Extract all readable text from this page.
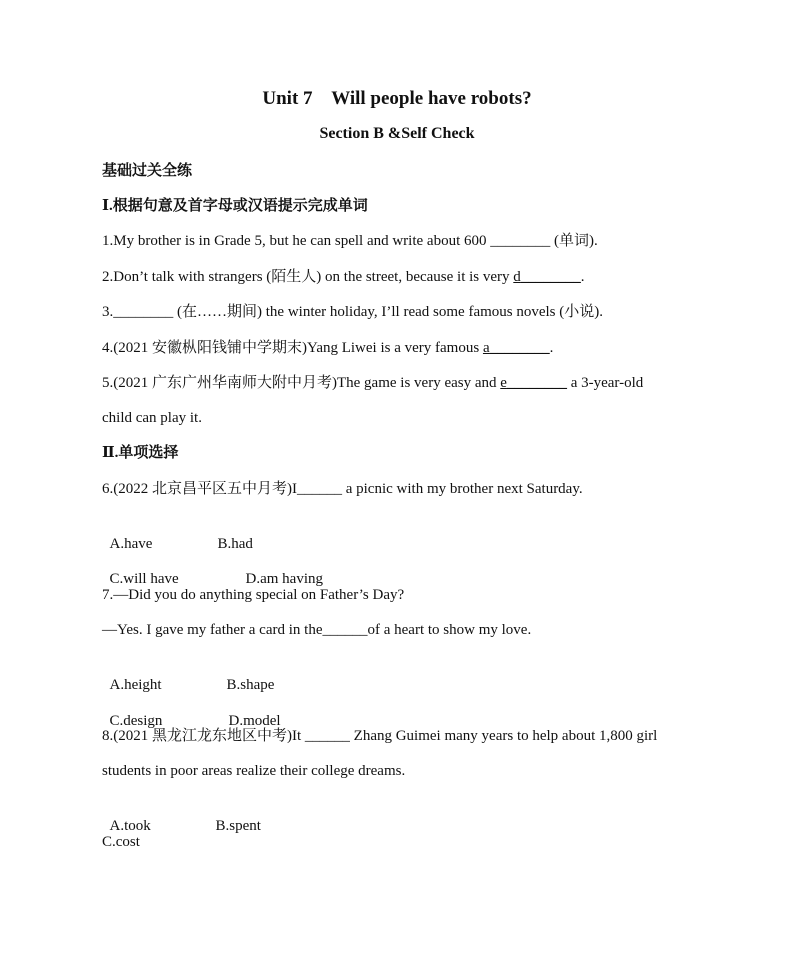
Unit 7    Will people have robots?
Section B &Self Check
基础过关全练
Ⅰ.根据句意及首字母或汉语提示完成单词
1.My brother is in Grade 5, but he can spell and write about 600 ________ (单词).
2.Don’t talk with strangers (陌生人) on the street, because it is very d________.
3.________ (在……期间) the winter holiday, I’ll read some famous novels (小说).
4.(2021 安徽枞阳钱铺中学期末)Yang Liwei is a very famous a________.
5.(2021 广东广州华南师大附中月考)The game is very easy and e________ a 3-year-old
child can play it.
Ⅱ.单项选择
6.(2022 北京昌平区五中月考)I______ a picnic with my brother next Saturday.

A.have	B.had

C.will have	D.am having

7.—Did you do anything special on Father’s Day?
—Yes. I gave my father a card in the______of a heart to show my love.

A.height	B.shape

C.design	D.model

8.(2021 黑龙江龙东地区中考)It ______ Zhang Guimei many years to help about 1,800 girl
students in poor areas realize their college dreams.

A.took	B.spent

C.cost
